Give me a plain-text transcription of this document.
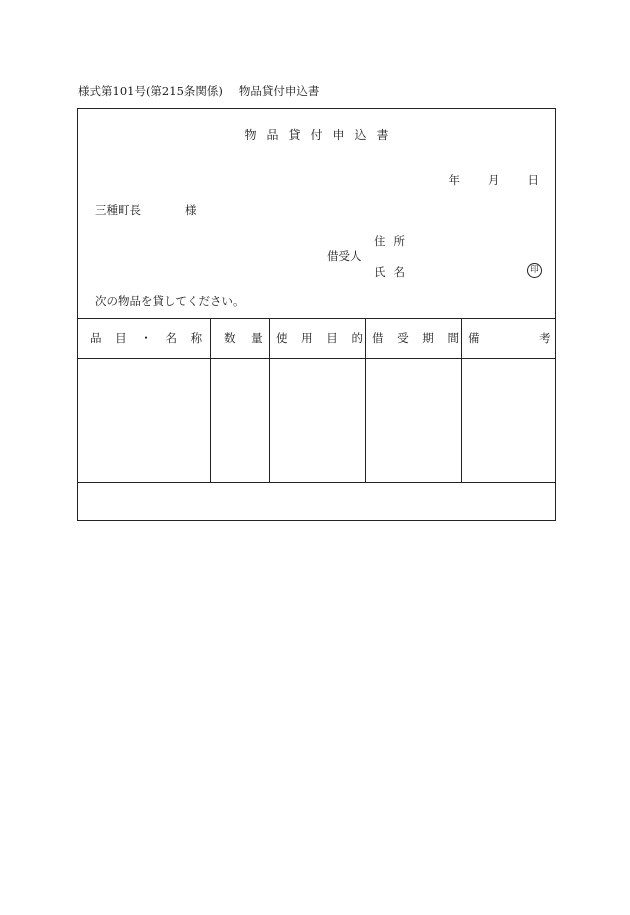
様式第101号(第215条関係) 物品貸付申込書
物品貸付申込書
年 月 日
三種町長	様
住所
借受人
氏名	印
次の物品を貸してください。
品 目 ・ 名 称 数 量 使 用 目 的 借 受 期 間 備 考
